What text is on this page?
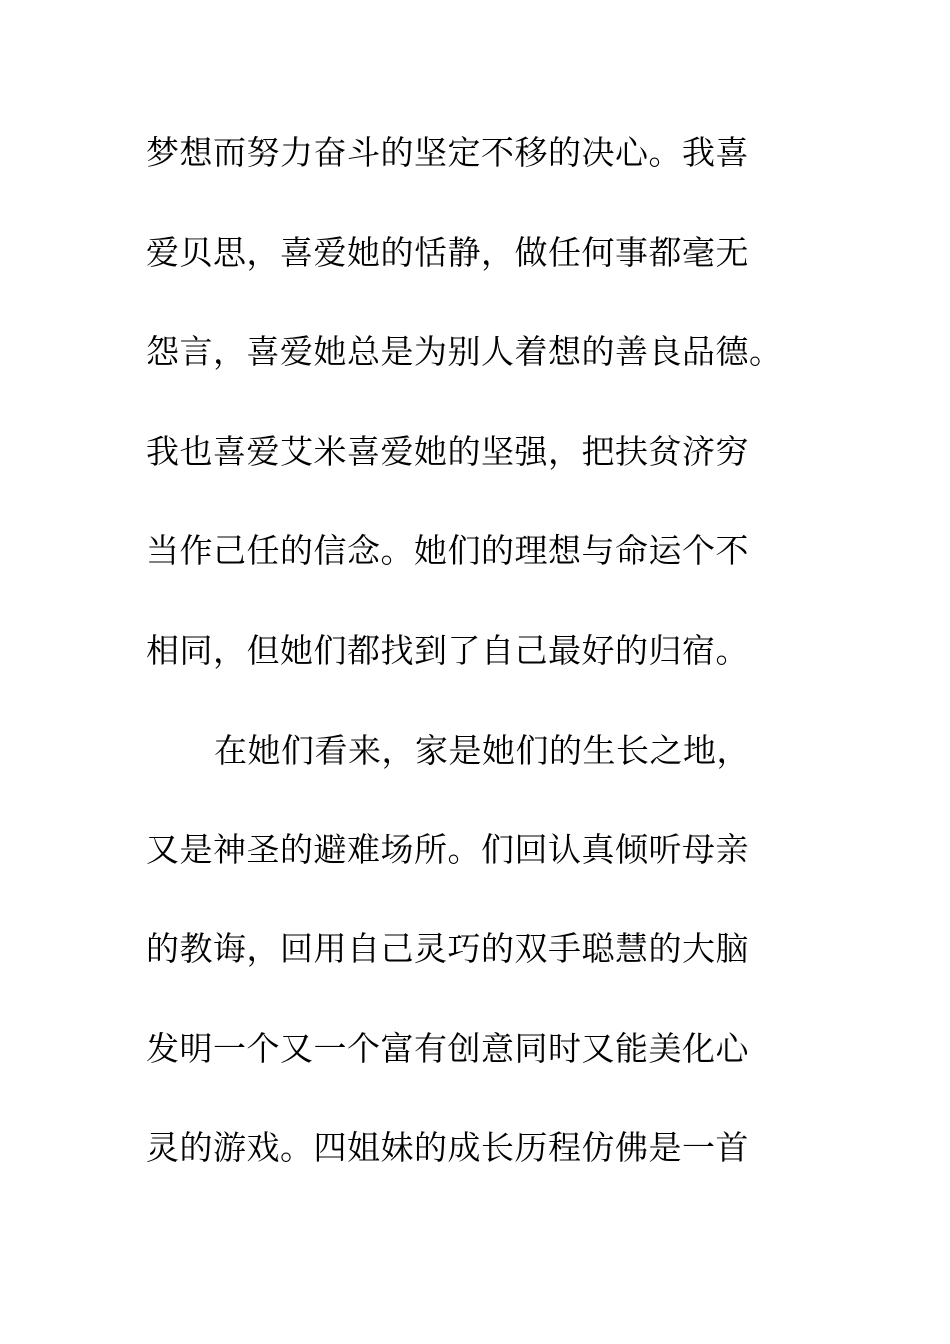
梦想而努力奋斗的坚定不移的决心。我喜
爱贝思，喜爱她的恬静，做任何事都毫无
怨言，喜爱她总是为别人着想的善良品德。
我也喜爱艾米喜爱她的坚强，把扶贫济穷
当作己任的信念。她们的理想与命运个不
相同，但她们都找到了自己最好的归宿。
在她们看来，家是她们的生长之地，
又是神圣的避难场所。们回认真倾听母亲
的教诲，回用自己灵巧的双手聪慧的大脑
发明一个又一个富有创意同时又能美化心
灵的游戏。四姐妹的成长历程仿佛是一首
